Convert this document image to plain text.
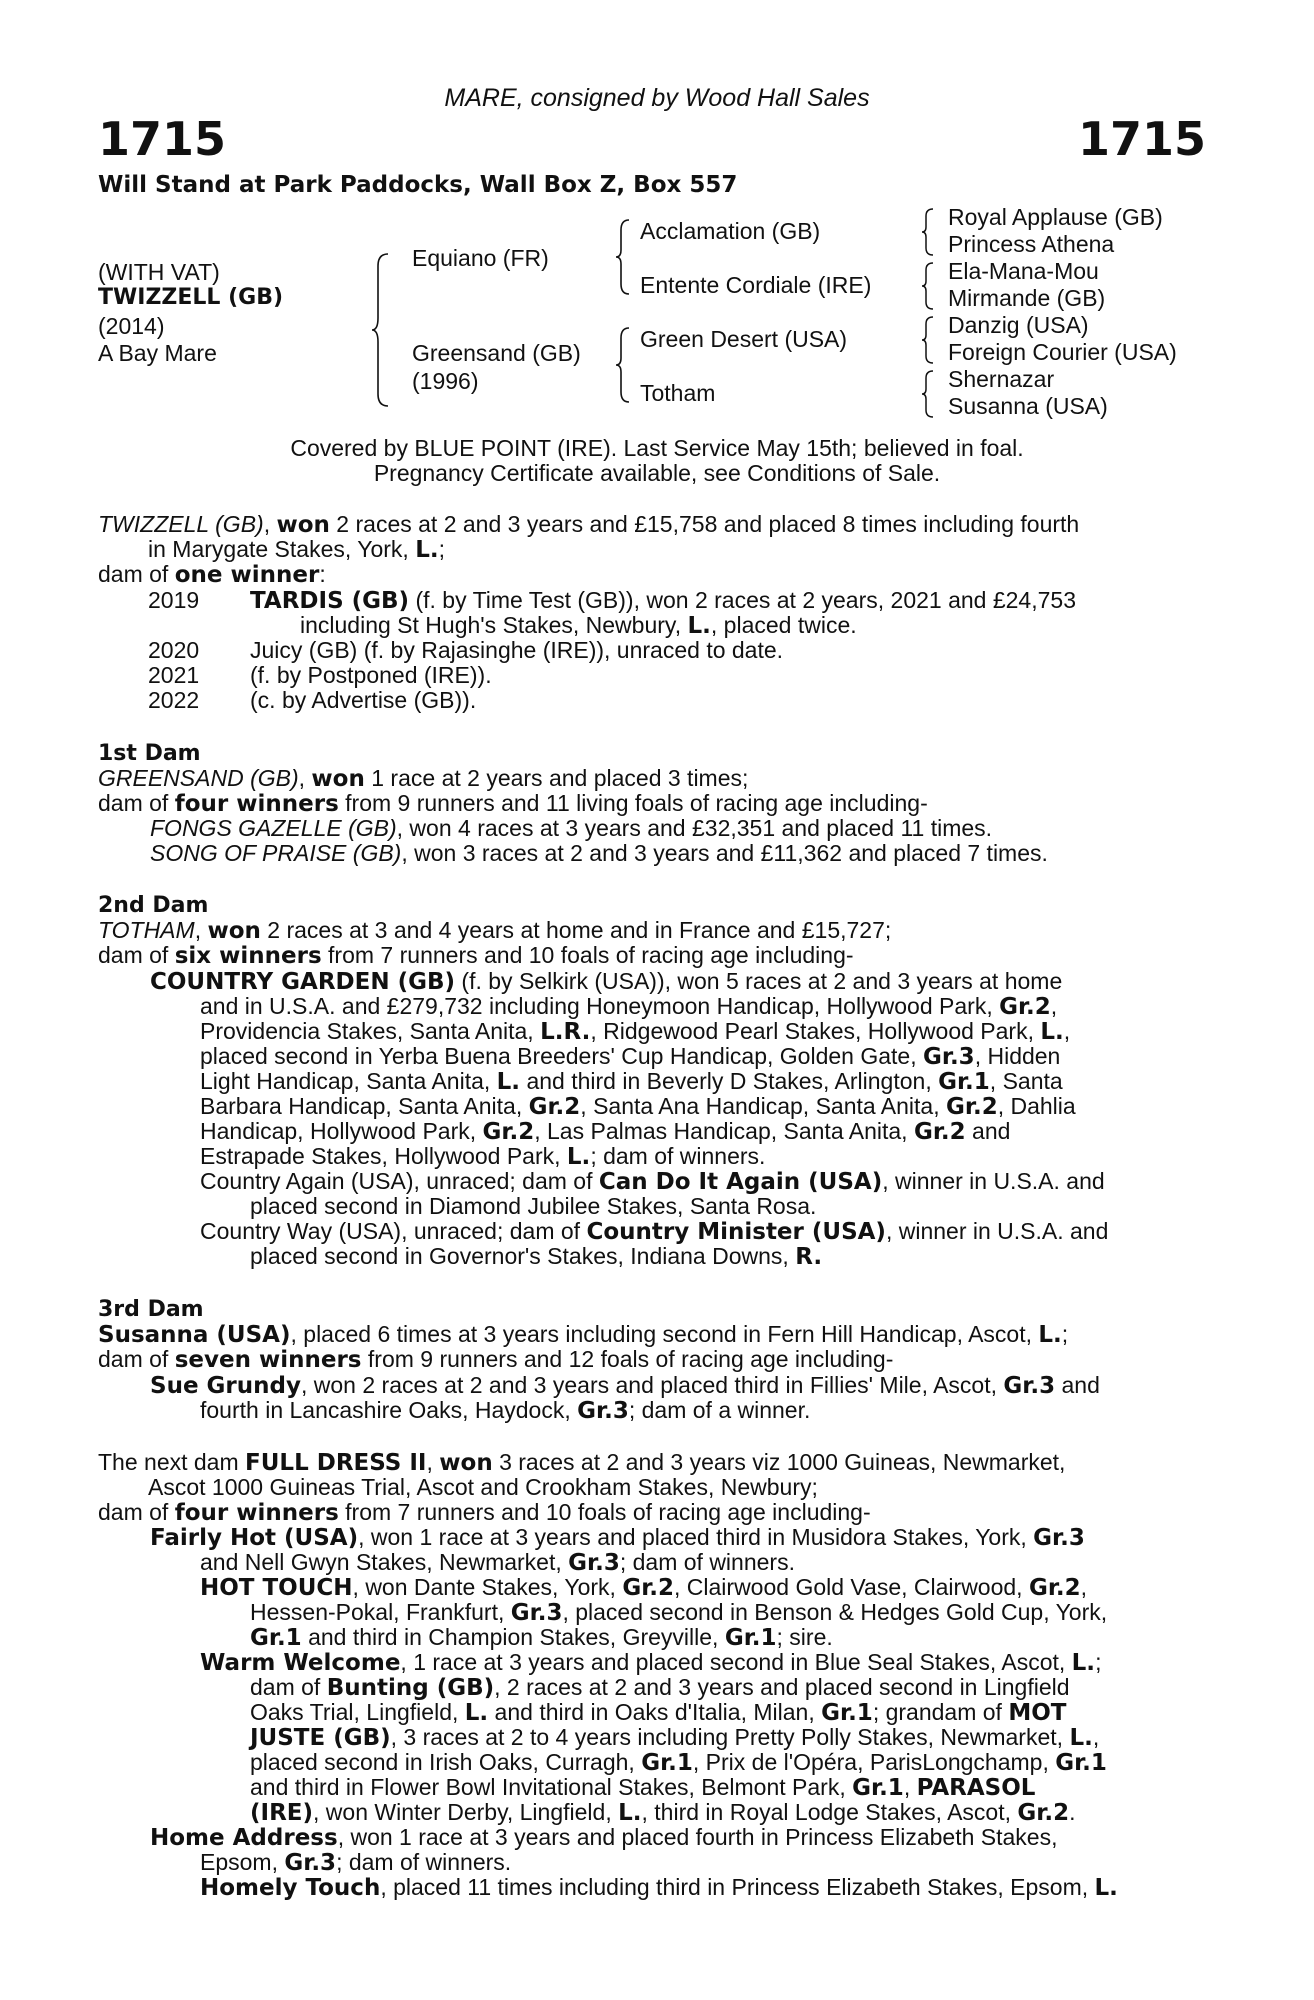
MARE, consigned by Wood Hall Sales
1715	1715
Will Stand at Park Paddocks, Wall Box Z, Box 557
(WITH VAT)
TWIZZELL (GB)
(2014)
A Bay Mare
Equiano (FR)
Greensand (GB)
(1996)
Acclamation (GB)
Entente Cordiale (IRE)
Green Desert (USA)
Totham
Royal Applause (GB)
Princess Athena
Ela-Mana-Mou
Mirmande (GB)
Danzig (USA)
Foreign Courier (USA)
Shernazar
Susanna (USA)
Covered by BLUE POINT (IRE). Last Service May 15th; believed in foal.
Pregnancy Certificate available, see Conditions of Sale.
TWIZZELL (GB), won 2 races at 2 and 3 years and £15,758 and placed 8 times including fourth
in Marygate Stakes, York, L.;
dam of one winner:
2019 TARDIS (GB) (f. by Time Test (GB)), won 2 races at 2 years, 2021 and £24,753
including St Hugh's Stakes, Newbury, L., placed twice.
2020 Juicy (GB) (f. by Rajasinghe (IRE)), unraced to date.
2021 (f. by Postponed (IRE)).
2022 (c. by Advertise (GB)).
1st Dam
GREENSAND (GB), won 1 race at 2 years and placed 3 times;
dam of four winners from 9 runners and 11 living foals of racing age including-
FONGS GAZELLE (GB), won 4 races at 3 years and £32,351 and placed 11 times.
SONG OF PRAISE (GB), won 3 races at 2 and 3 years and £11,362 and placed 7 times.
2nd Dam
TOTHAM, won 2 races at 3 and 4 years at home and in France and £15,727;
dam of six winners from 7 runners and 10 foals of racing age including-
COUNTRY GARDEN (GB) (f. by Selkirk (USA)), won 5 races at 2 and 3 years at home
and in U.S.A. and £279,732 including Honeymoon Handicap, Hollywood Park, Gr.2,
Providencia Stakes, Santa Anita, L.R., Ridgewood Pearl Stakes, Hollywood Park, L.,
placed second in Yerba Buena Breeders' Cup Handicap, Golden Gate, Gr.3, Hidden
Light Handicap, Santa Anita, L. and third in Beverly D Stakes, Arlington, Gr.1, Santa
Barbara Handicap, Santa Anita, Gr.2, Santa Ana Handicap, Santa Anita, Gr.2, Dahlia
Handicap, Hollywood Park, Gr.2, Las Palmas Handicap, Santa Anita, Gr.2 and
Estrapade Stakes, Hollywood Park, L.; dam of winners.
Country Again (USA), unraced; dam of Can Do It Again (USA), winner in U.S.A. and
placed second in Diamond Jubilee Stakes, Santa Rosa.
Country Way (USA), unraced; dam of Country Minister (USA), winner in U.S.A. and
placed second in Governor's Stakes, Indiana Downs, R.
3rd Dam
Susanna (USA), placed 6 times at 3 years including second in Fern Hill Handicap, Ascot, L.;
dam of seven winners from 9 runners and 12 foals of racing age including-
Sue Grundy, won 2 races at 2 and 3 years and placed third in Fillies' Mile, Ascot, Gr.3 and
fourth in Lancashire Oaks, Haydock, Gr.3; dam of a winner.
The next dam FULL DRESS II, won 3 races at 2 and 3 years viz 1000 Guineas, Newmarket,
Ascot 1000 Guineas Trial, Ascot and Crookham Stakes, Newbury;
dam of four winners from 7 runners and 10 foals of racing age including-
Fairly Hot (USA), won 1 race at 3 years and placed third in Musidora Stakes, York, Gr.3
and Nell Gwyn Stakes, Newmarket, Gr.3; dam of winners.
HOT TOUCH, won Dante Stakes, York, Gr.2, Clairwood Gold Vase, Clairwood, Gr.2,
Hessen-Pokal, Frankfurt, Gr.3, placed second in Benson & Hedges Gold Cup, York,
Gr.1 and third in Champion Stakes, Greyville, Gr.1; sire.
Warm Welcome, 1 race at 3 years and placed second in Blue Seal Stakes, Ascot, L.;
dam of Bunting (GB), 2 races at 2 and 3 years and placed second in Lingfield
Oaks Trial, Lingfield, L. and third in Oaks d'Italia, Milan, Gr.1; grandam of MOT
JUSTE (GB), 3 races at 2 to 4 years including Pretty Polly Stakes, Newmarket, L.,
placed second in Irish Oaks, Curragh, Gr.1, Prix de l'Opéra, ParisLongchamp, Gr.1
and third in Flower Bowl Invitational Stakes, Belmont Park, Gr.1, PARASOL
(IRE), won Winter Derby, Lingfield, L., third in Royal Lodge Stakes, Ascot, Gr.2.
Home Address, won 1 race at 3 years and placed fourth in Princess Elizabeth Stakes,
Epsom, Gr.3; dam of winners.
Homely Touch, placed 11 times including third in Princess Elizabeth Stakes, Epsom, L.
